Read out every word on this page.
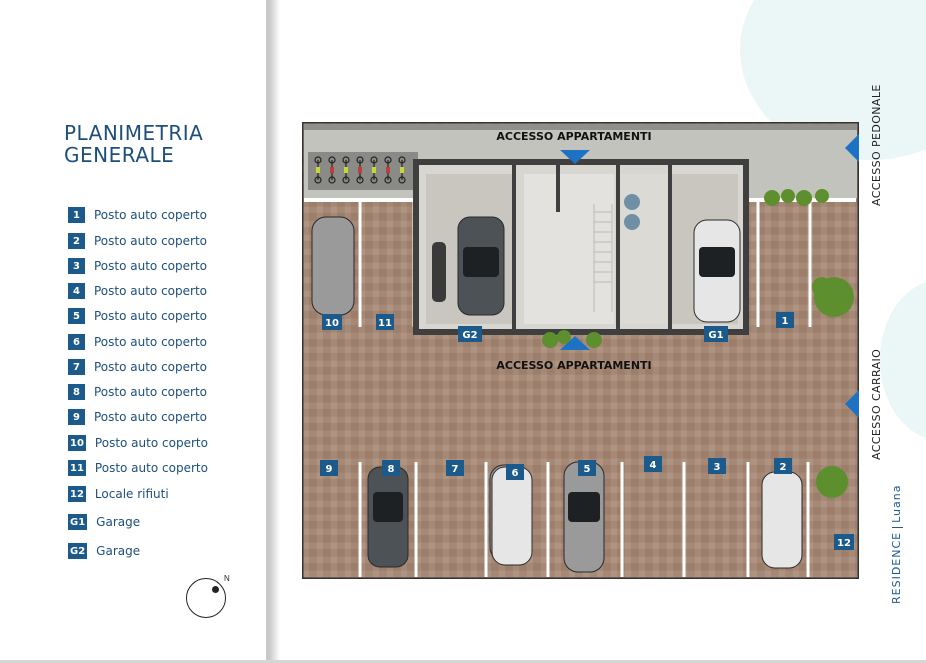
PLANIMETRIA
GENERALE
1	Posto auto coperto
2	Posto auto coperto
3	Posto auto coperto
4	Posto auto coperto
5	Posto auto coperto
6	Posto auto coperto
7	Posto auto coperto
8	Posto auto coperto
9	Posto auto coperto
10 Posto auto coperto
11 Posto auto coperto
12 Locale rifiuti
G1 Garage
G2 Garage
N
10	11
G2	G1
1
9	8	7	6	5	4	3	2
12
ACCESSO APPARTAMENTI
ACCESSO APPARTAMENTI
ACCESSO PEDONALE
ACCESSO CARRAIO
RESIDENCELuana
